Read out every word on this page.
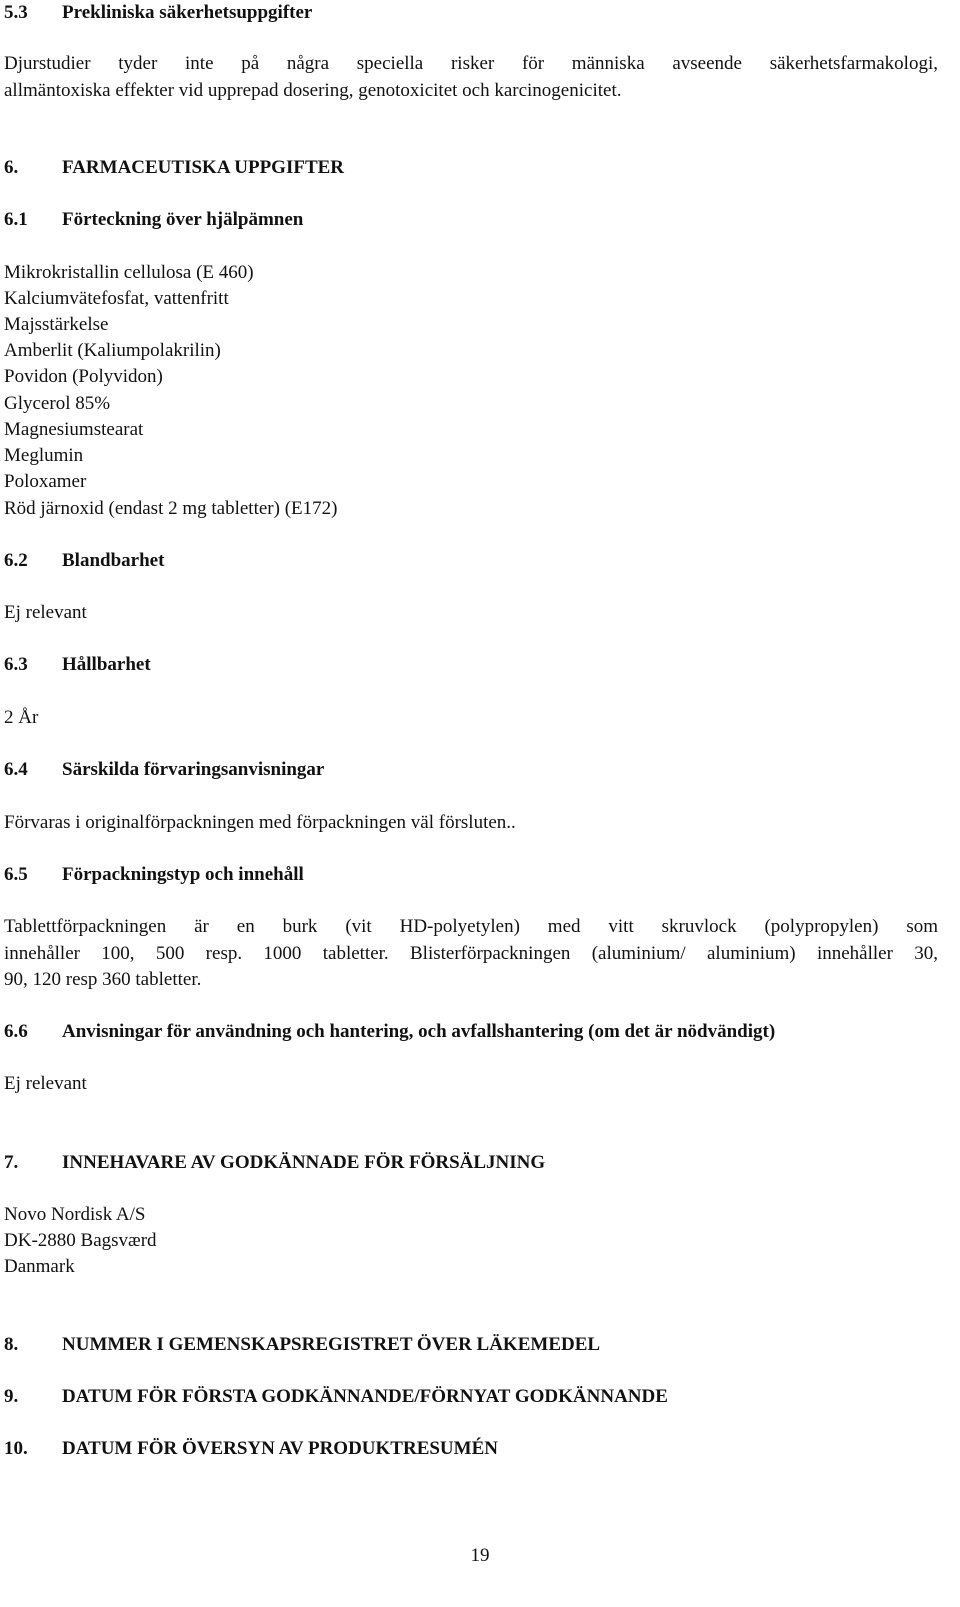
5.3 Prekliniska säkerhetsuppgifter
Djurstudier tyder inte på några speciella risker för människa avseende säkerhetsfarmakologi,
allmäntoxiska effekter vid upprepad dosering, genotoxicitet och karcinogenicitet.
6. FARMACEUTISKA UPPGIFTER
6.1 Förteckning över hjälpämnen
Mikrokristallin cellulosa (E 460)
Kalciumvätefosfat, vattenfritt
Majsstärkelse
Amberlit (Kaliumpolakrilin)
Povidon (Polyvidon)
Glycerol 85%
Magnesiumstearat
Meglumin
Poloxamer
Röd järnoxid (endast 2 mg tabletter) (E172)
6.2 Blandbarhet
Ej relevant
6.3 Hållbarhet
2 År
6.4 Särskilda förvaringsanvisningar
Förvaras i originalförpackningen med förpackningen väl försluten..
6.5 Förpackningstyp och innehåll
Tablettförpackningen är en burk (vit HD-polyetylen) med vitt skruvlock (polypropylen) som
innehåller 100, 500 resp. 1000 tabletter. Blisterförpackningen (aluminium/ aluminium) innehåller 30,
90, 120 resp 360 tabletter.
6.6 Anvisningar för användning och hantering, och avfallshantering (om det är nödvändigt)
Ej relevant
7. INNEHAVARE AV GODKÄNNADE FÖR FÖRSÄLJNING
Novo Nordisk A/S
DK-2880 Bagsværd
Danmark
8. NUMMER I GEMENSKAPSREGISTRET ÖVER LÄKEMEDEL
9. DATUM FÖR FÖRSTA GODKÄNNANDE/FÖRNYAT GODKÄNNANDE
10. DATUM FÖR ÖVERSYN AV PRODUKTRESUMÉN
19
